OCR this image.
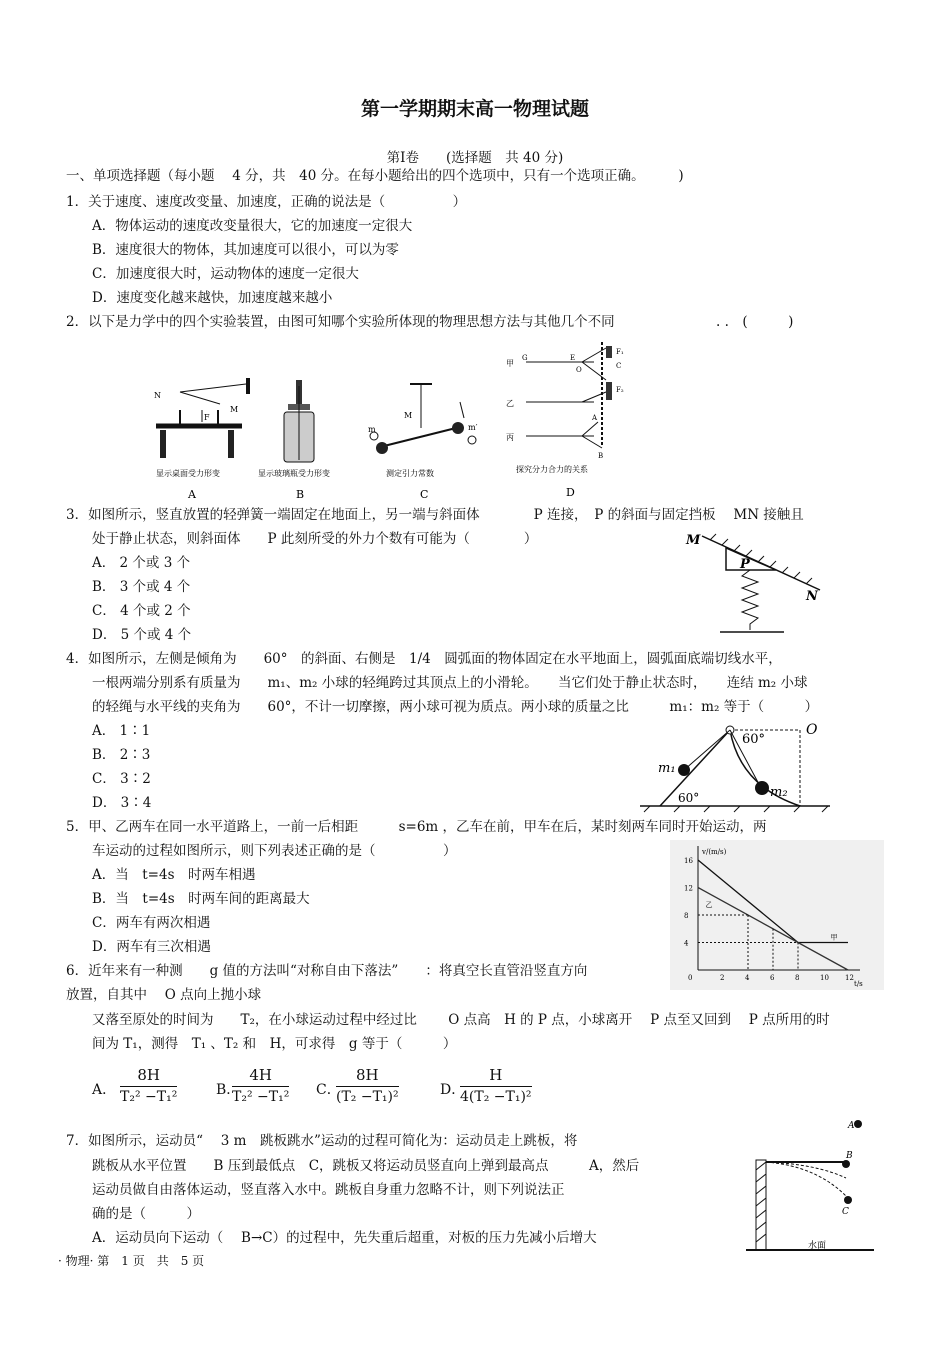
第一学期期末高一物理试题
第Ⅰ卷　　(选择题　共 40 分)
一、单项选择题（每小题　 4 分，共　40 分。在每小题给出的四个选项中，只有一个选项正确。　　　)
1．关于速度、速度改变量、加速度，正确的说法是（　　　　　）
A．物体运动的速度改变量很大，它的加速度一定很大
B．速度很大的物体，其加速度可以很小，可以为零
C．加速度很大时，运动物体的速度一定很大
D．速度变化越来越快，加速度越来越小
2．以下是力学中的四个实验装置，由图可知哪个实验所体现的物理思想方法与其他几个不同	. .　(　　　)
N
F
M
显示桌面受力形变
A
显示玻璃瓶受力形变
B
M
m	m′
测定引力常数
C
甲
乙
丙
G	E
O	C
F₁
F₂
A
B
探究分力合力的关系
D
3．如图所示，竖直放置的轻弹簧一端固定在地面上，另一端与斜面体　　　　P 连接，　P 的斜面与固定挡板　 MN 接触且
处于静止状态，则斜面体　　P 此刻所受的外力个数有可能为（　　　　）
A． 2 个或 3 个
B． 3 个或 4 个
C． 4 个或 2 个
D． 5 个或 4 个
M
P
N
4．如图所示，左侧是倾角为　　60°　的斜面、右侧是　1/4　圆弧面的物体固定在水平地面上，圆弧面底端切线水平，
一根两端分别系有质量为　　m₁、m₂ 小球的轻绳跨过其顶点上的小滑轮。　　当它们处于静止状态时，　　连结 m₂ 小球
的轻绳与水平线的夹角为　　60°，不计一切摩擦，两小球可视为质点。两小球的质量之比　　　m₁：m₂ 等于（　　　）
A． 1∶1
B． 2∶3
C． 3∶2
D． 3∶4
60°
O
m₁
m₂
60°
5．甲、乙两车在同一水平道路上，一前一后相距　　　s=6m ，乙车在前，甲车在后，某时刻两车同时开始运动，两
车运动的过程如图所示，则下列表述正确的是（　　　　　）
A．当　t=4s　时两车相遇
B．当　t=4s　时两车间的距离最大
C．两车有两次相遇
D．两车有三次相遇
v/(m/s)
t/s
0	2	4	6	8	10 12
4
8
12
16
甲
乙
6．近年来有一种测　　g 值的方法叫“对称自由下落法”　　：将真空长直管沿竖直方向
放置，自其中　 O 点向上抛小球
又落至原处的时间为　　T₂，在小球运动过程中经过比　　 O 点高　H 的 P 点，小球离开　 P 点至又回到　 P 点所用的时
间为 T₁，测得　T₁ 、T₂ 和　H，可求得　g 等于（　　　）
A． $\frac{8H}{\text{T₂² −T₁²}}$	B．
$\frac{4H}{\text{T₂² −T₁²}}$ C．
$\frac{8H}{\text{(T₂ −T₁)²}}$	D．
$\frac{H}{\text{4(T₂ −T₁)²}}$
7．如图所示，运动员“　 3 m　跳板跳水”运动的过程可简化为：运动员走上跳板，将
跳板从水平位置　　B 压到最低点　C，跳板又将运动员竖直向上弹到最高点　　　A，然后
运动员做自由落体运动，竖直落入水中。跳板自身重力忽略不计，则下列说法正
确的是（　　　）
A．运动员向下运动（　 B→C）的过程中，先失重后超重，对板的压力先减小后增大
A
B
C
水面
· 物理· 第　1 页　共　5 页
